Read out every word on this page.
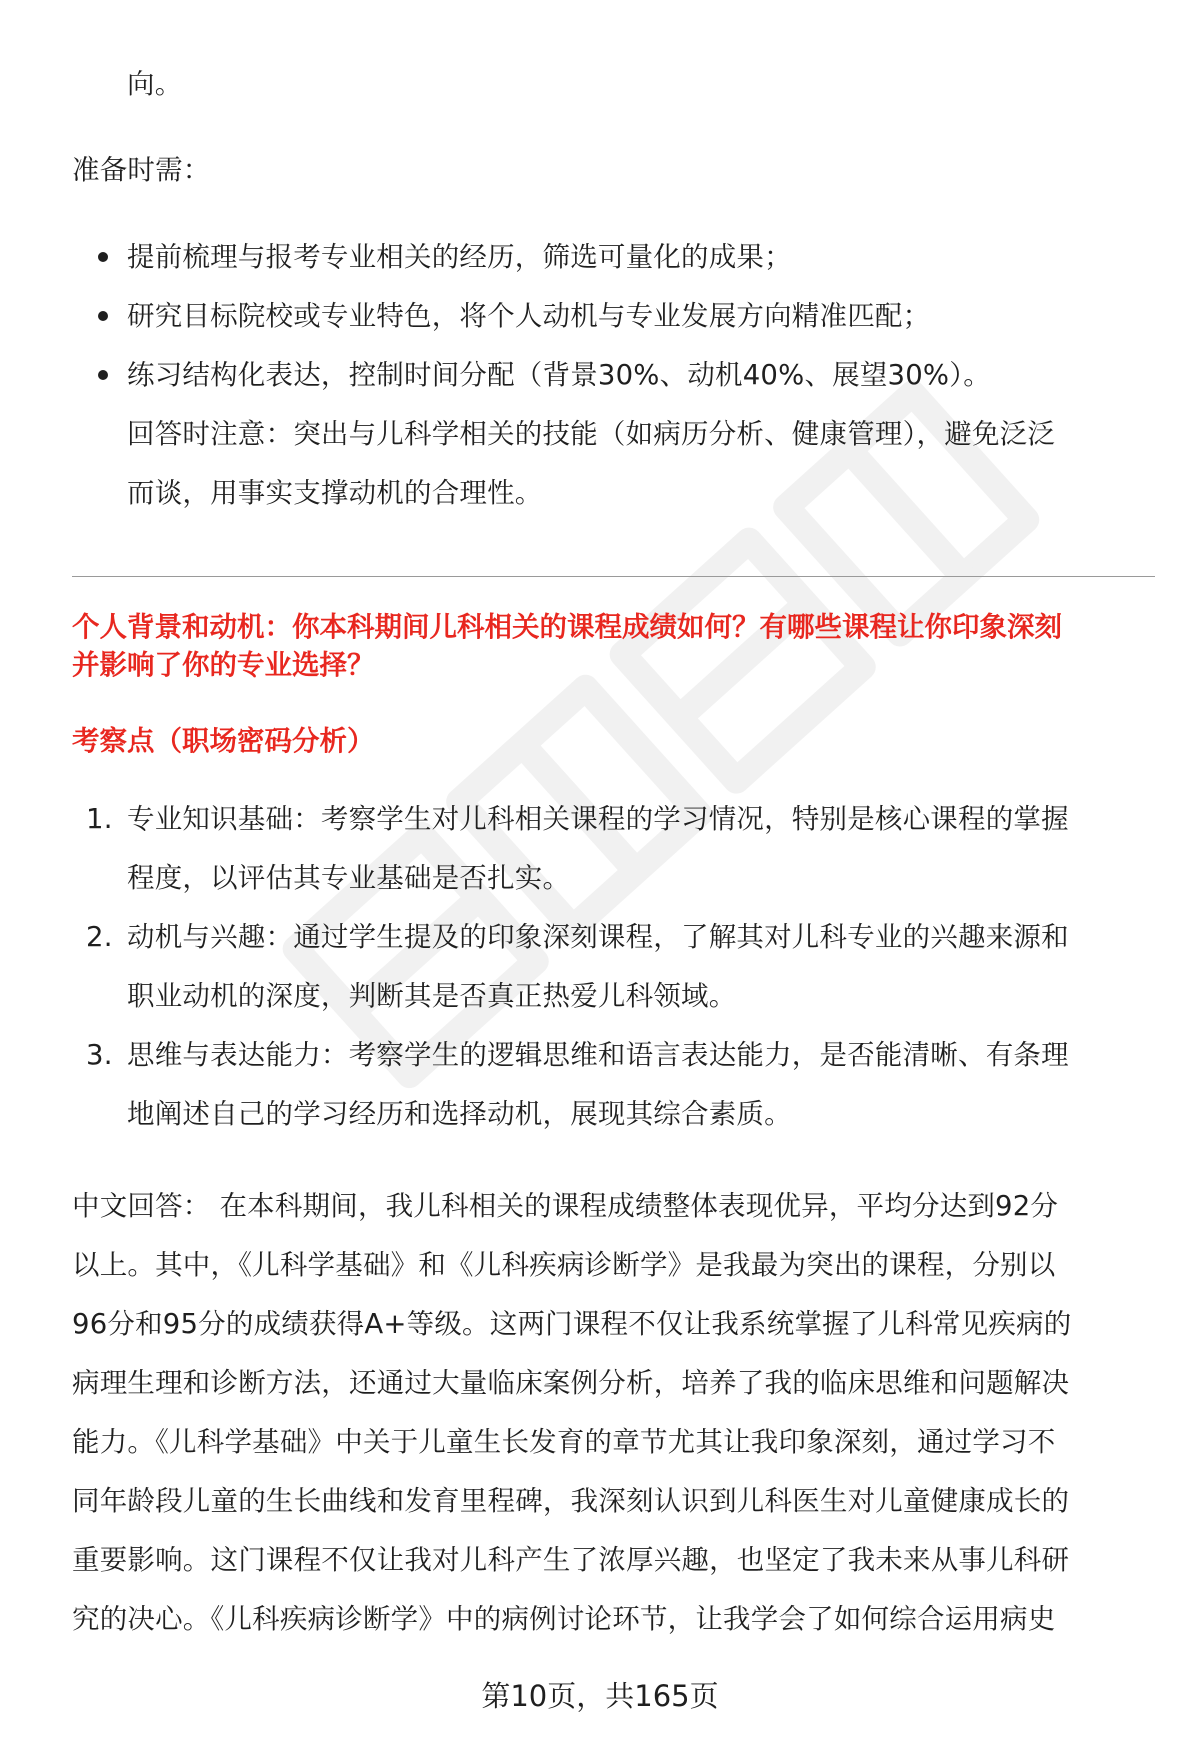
向。
准备时需：
提前梳理与报考专业相关的经历，筛选可量化的成果；
研究目标院校或专业特色，将个人动机与专业发展方向精准匹配；
练习结构化表达，控制时间分配（背景30%、动机40%、展望30%）。
回答时注意：突出与儿科学相关的技能（如病历分析、健康管理），避免泛泛
而谈，用事实支撑动机的合理性。
个人背景和动机：你本科期间儿科相关的课程成绩如何？有哪些课程让你印象深刻
并影响了你的专业选择？
考察点（职场密码分析）
1. 专业知识基础：考察学生对儿科相关课程的学习情况，特别是核心课程的掌握
程度，以评估其专业基础是否扎实。
2. 动机与兴趣：通过学生提及的印象深刻课程，了解其对儿科专业的兴趣来源和
职业动机的深度，判断其是否真正热爱儿科领域。
3. 思维与表达能力：考察学生的逻辑思维和语言表达能力，是否能清晰、有条理
地阐述自己的学习经历和选择动机，展现其综合素质。
中文回答： 在本科期间，我儿科相关的课程成绩整体表现优异，平均分达到92分
以上。其中，《儿科学基础》和《儿科疾病诊断学》是我最为突出的课程，分别以
96分和95分的成绩获得A+等级。这两门课程不仅让我系统掌握了儿科常见疾病的
病理生理和诊断方法，还通过大量临床案例分析，培养了我的临床思维和问题解决
能力。《儿科学基础》中关于儿童生长发育的章节尤其让我印象深刻，通过学习不
同年龄段儿童的生长曲线和发育里程碑，我深刻认识到儿科医生对儿童健康成长的
重要影响。这门课程不仅让我对儿科产生了浓厚兴趣，也坚定了我未来从事儿科研
究的决心。《儿科疾病诊断学》中的病例讨论环节，让我学会了如何综合运用病史
第10页，共165页
